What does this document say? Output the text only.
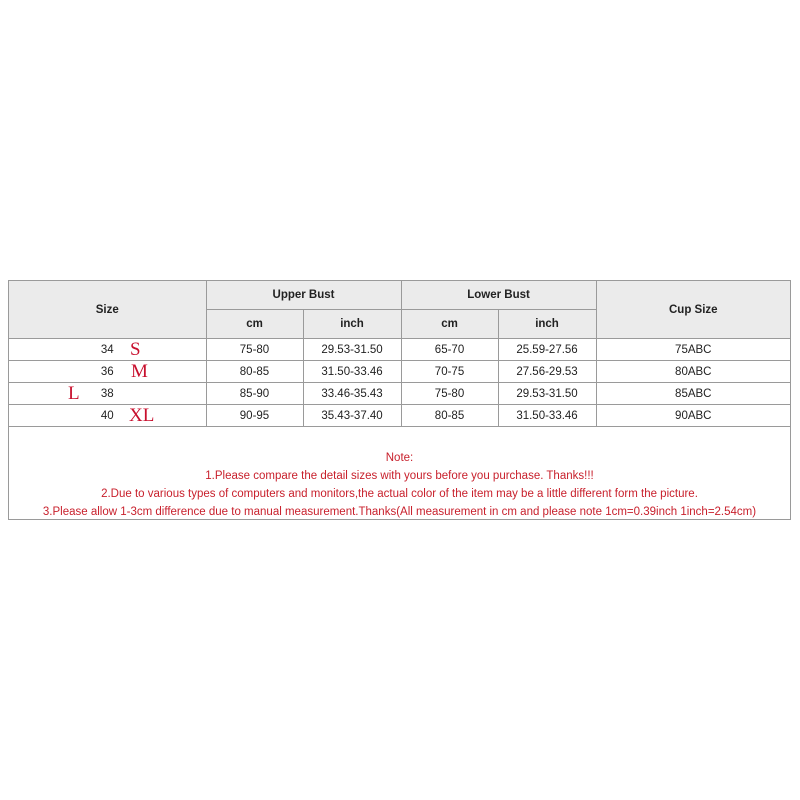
Size	Upper Bust		Lower Bust		Cup Size
	cm	inch	cm	inch	
34 S	75-80	29.53-31.50	65-70	25.59-27.56	75ABC
36 M	80-85	31.50-33.46	70-75	27.56-29.53	80ABC

L 38	85-90	33.46-35.43	75-80	29.53-31.50	85ABC
40 XL	90-95	35.43-37.40	80-85	31.50-33.46	90ABC
Note:
1.Please compare the detail sizes with yours before you purchase. Thanks!!!
2.Due to various types of computers and monitors,the actual color of the item may be a little different form the picture.
3.Please allow 1-3cm difference due to manual measurement.Thanks(All measurement in cm and please note 1cm=0.39inch 1inch=2.54cm)
